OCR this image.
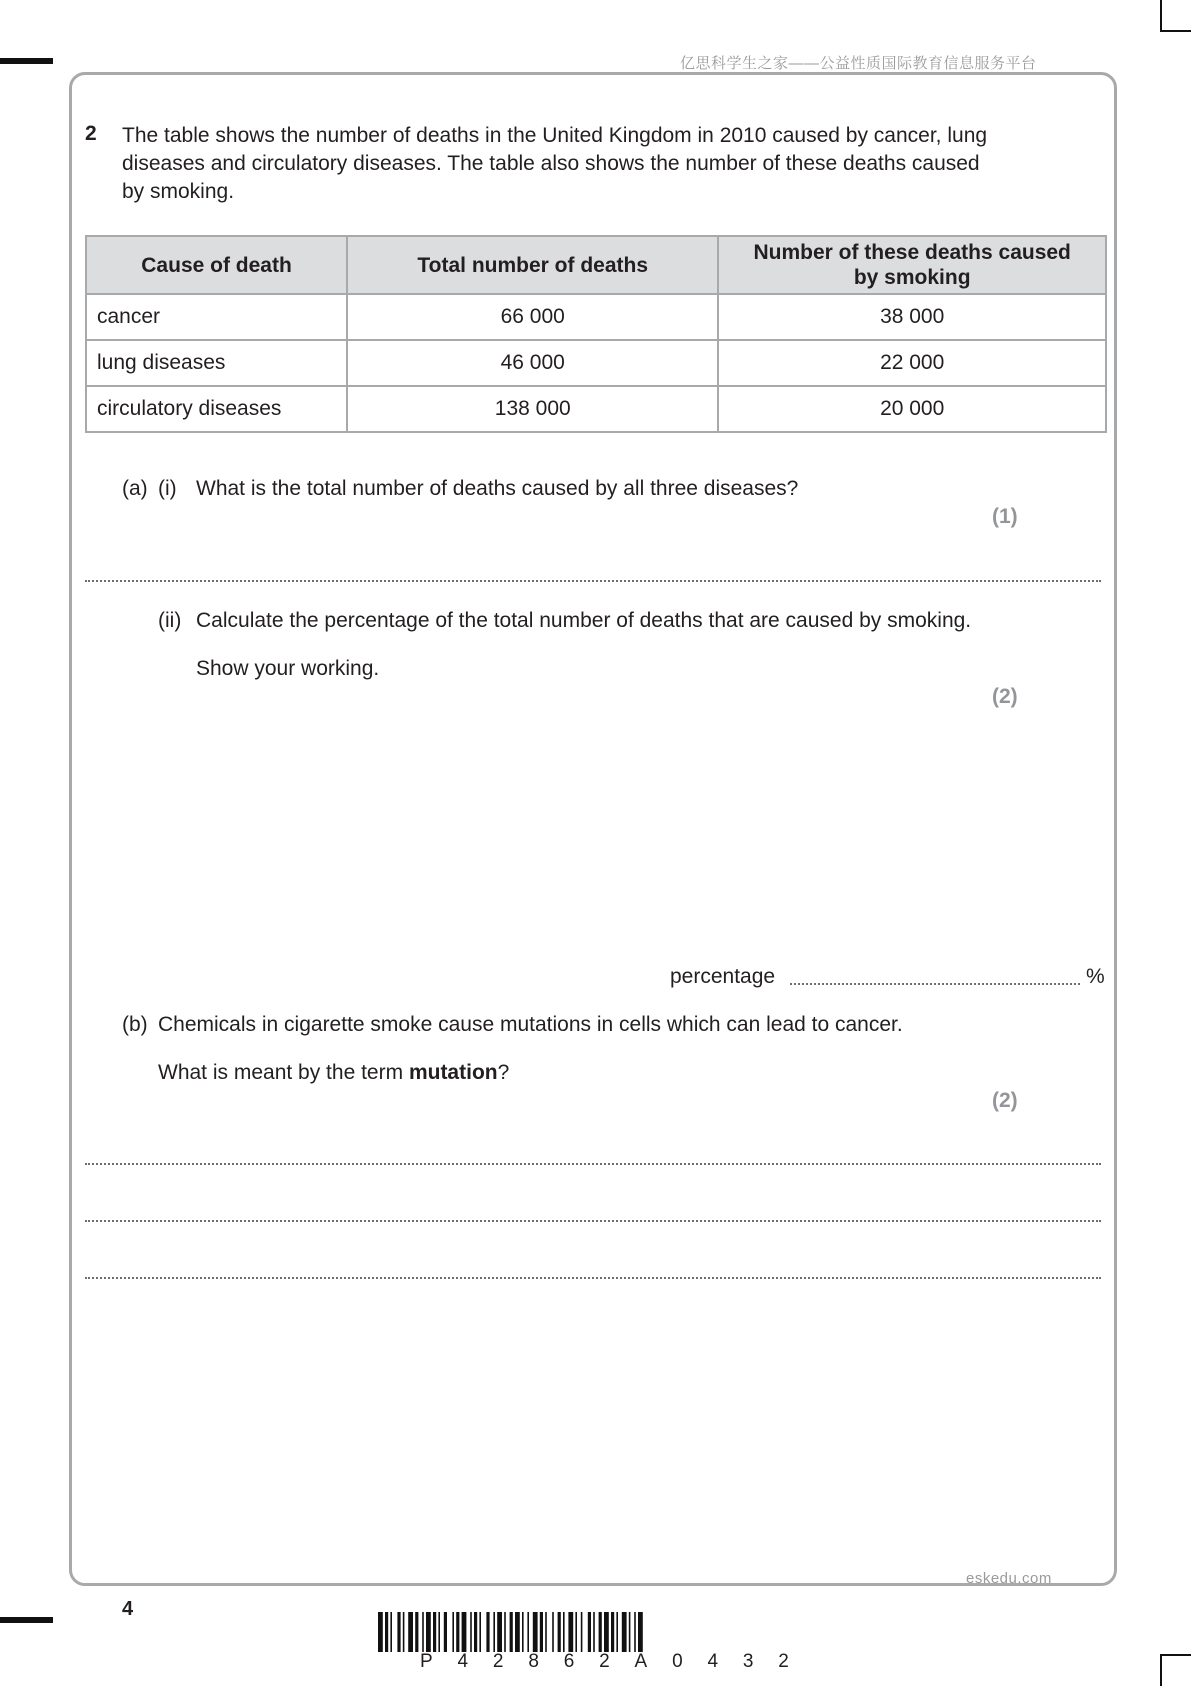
亿思科学生之家——公益性质国际教育信息服务平台
2 The table shows the number of deaths in the United Kingdom in 2010 caused by cancer, lung diseases and circulatory diseases. The table also shows the number of these deaths caused by smoking.
Cause of death	Total number of deaths	Number of these deaths caused by smoking
cancer	66 000	38 000
lung diseases	46 000	22 000
circulatory diseases	138 000	20 000
(a) (i) What is the total number of deaths caused by all three diseases?
(1)
(ii) Calculate the percentage of the total number of deaths that are caused by smoking.
Show your working.
(2)
percentage	%
(b) Chemicals in cigarette smoke cause mutations in cells which can lead to cancer.
What is meant by the term mutation?
(2)
eskedu.com
4
P 4 2 8 6 2 A 0 4 3 2
